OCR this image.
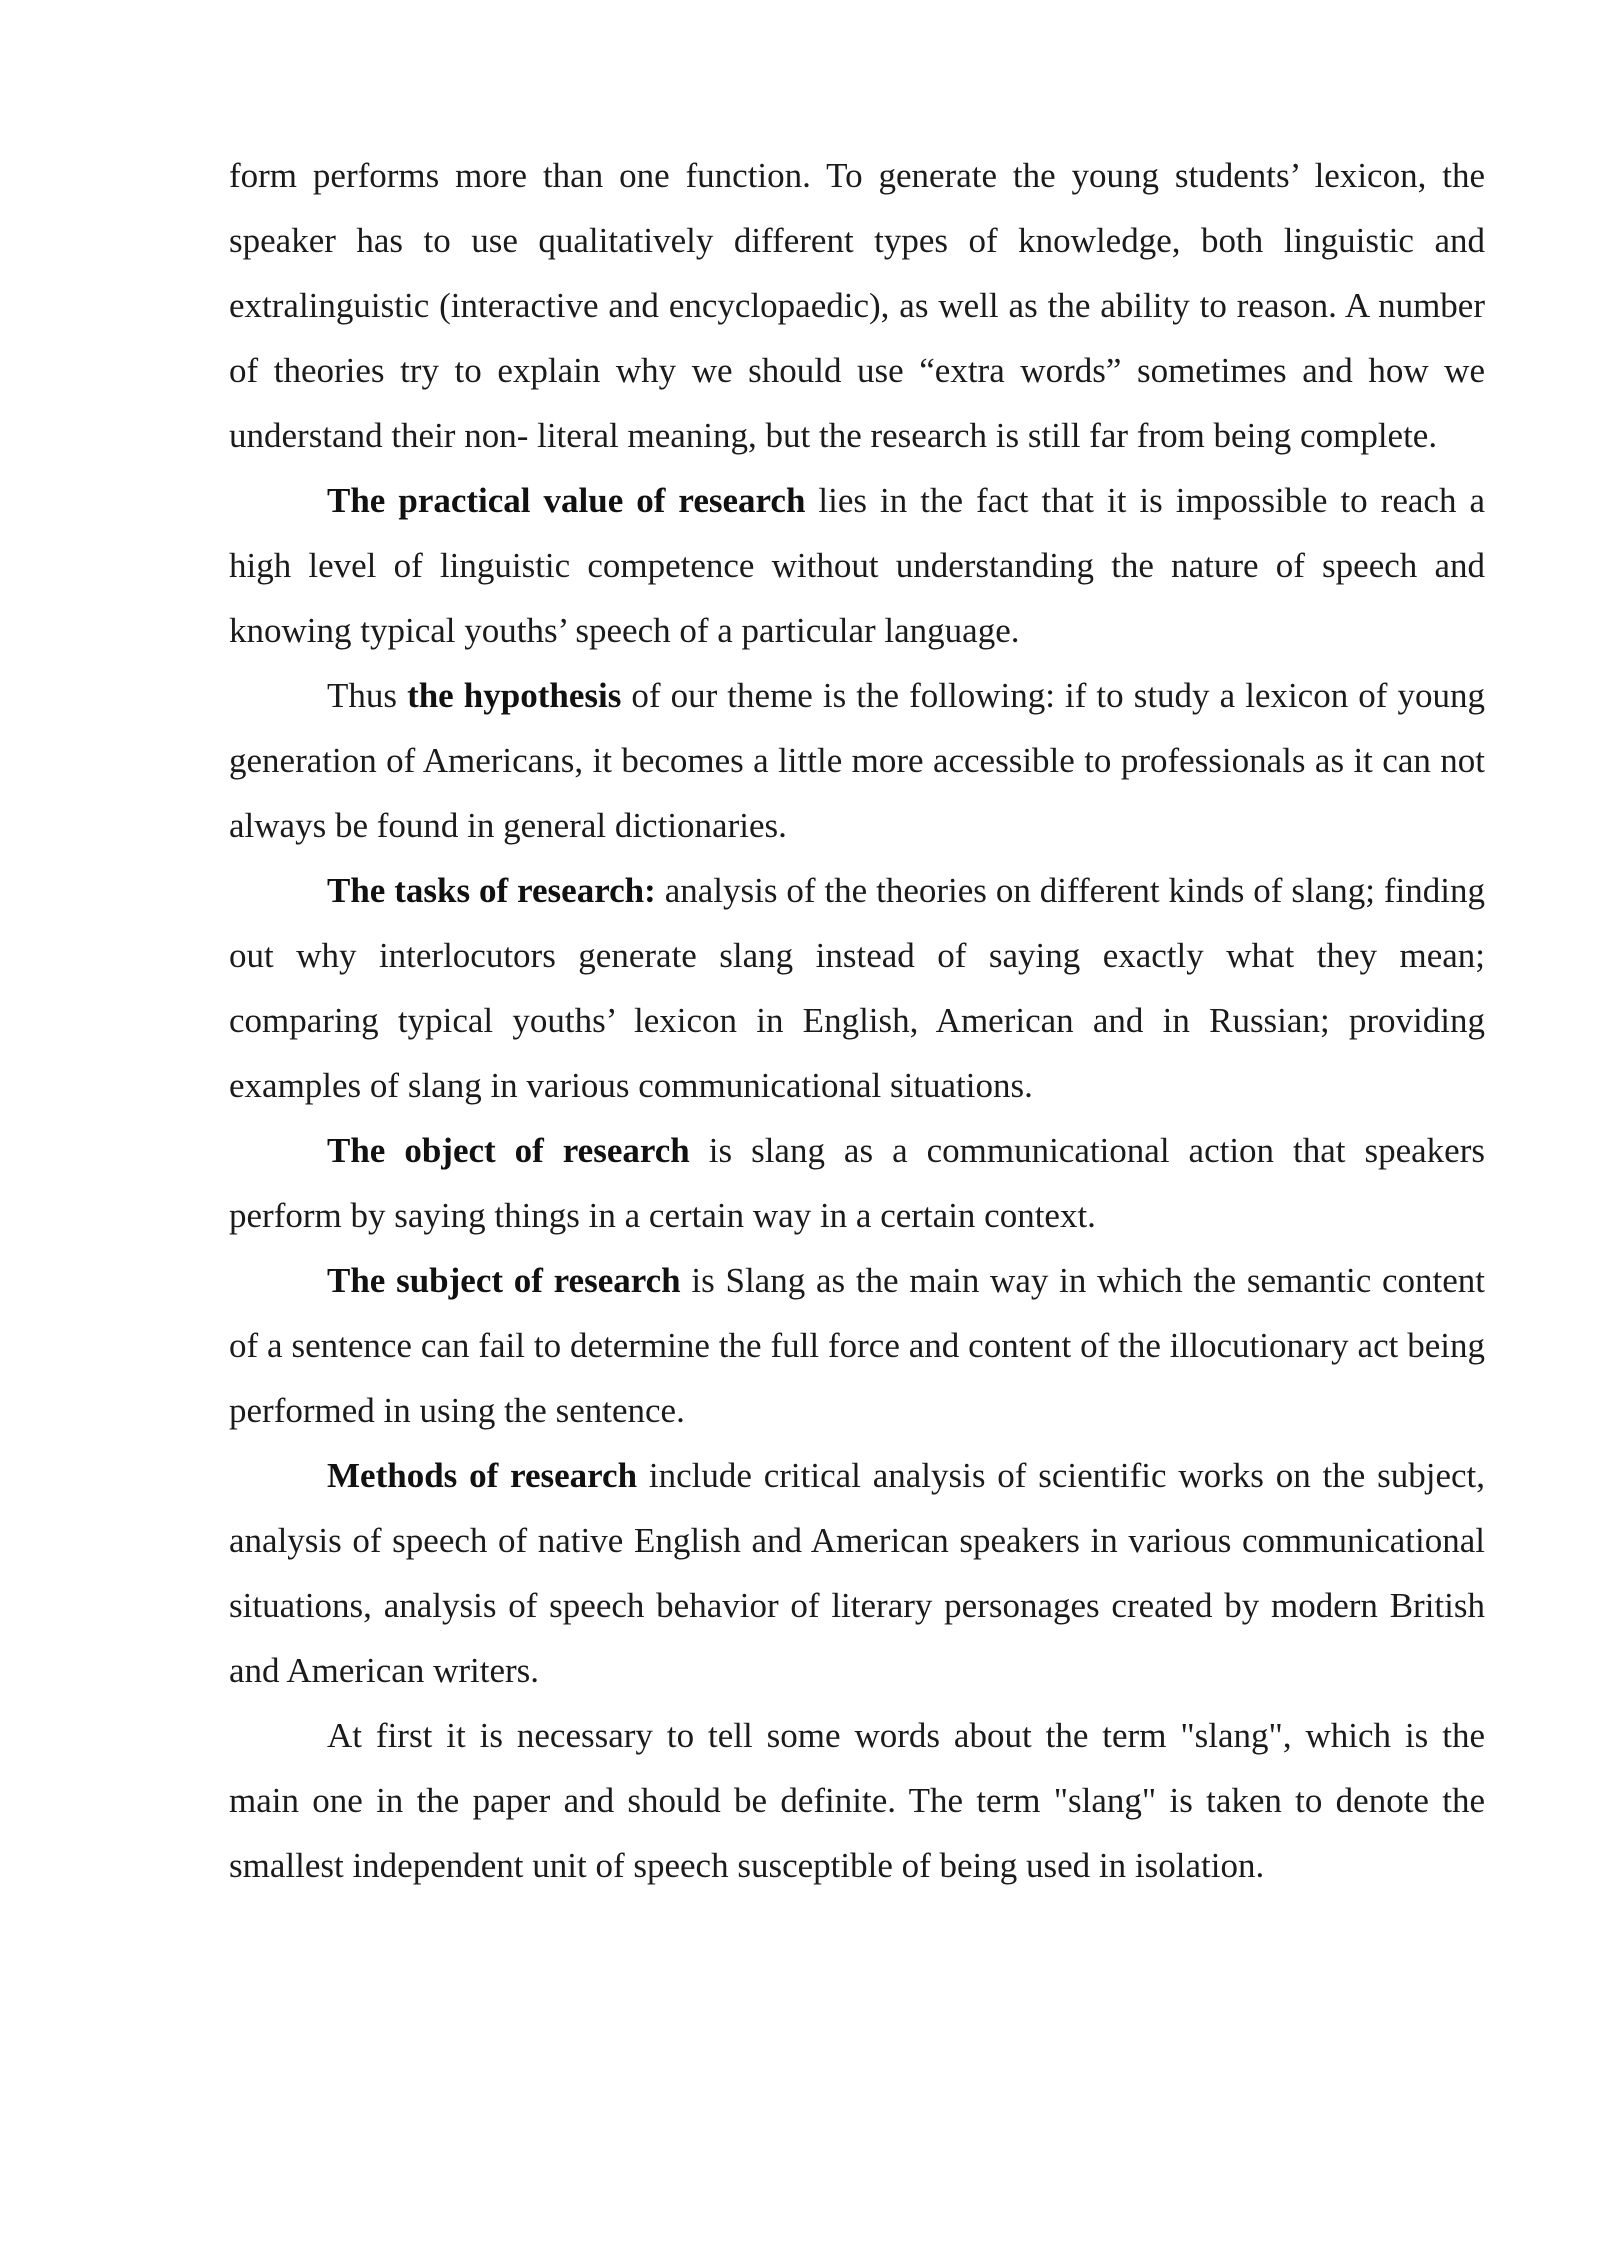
form performs more than one function. To generate the young students’ lexicon, the speaker has to use qualitatively different types of knowledge, both linguistic and extralinguistic (interactive and encyclopaedic), as well as the ability to reason. A number of theories try to explain why we should use “extra words” sometimes and how we understand their non- literal meaning, but the research is still far from being complete.

The practical value of research lies in the fact that it is impossible to reach a high level of linguistic competence without understanding the nature of speech and knowing typical youths’ speech of a particular language.

Thus the hypothesis of our theme is the following: if to study a lexicon of young generation of Americans, it becomes a little more accessible to professionals as it can not always be found in general dictionaries.

The tasks of research: analysis of the theories on different kinds of slang; finding out why interlocutors generate slang instead of saying exactly what they mean; comparing typical youths’ lexicon in English, American and in Russian; providing examples of slang in various communicational situations.

The object of research is slang as a communicational action that speakers perform by saying things in a certain way in a certain context.

The subject of research is Slang as the main way in which the semantic content of a sentence can fail to determine the full force and content of the illocutionary act being performed in using the sentence.

Methods of research include critical analysis of scientific works on the subject, analysis of speech of native English and American speakers in various communicational situations, analysis of speech behavior of literary personages created by modern British and American writers.

At first it is necessary to tell some words about the term "slang", which is the main one in the paper and should be definite. The term "slang" is taken to denote the smallest independent unit of speech susceptible of being used in isolation.
